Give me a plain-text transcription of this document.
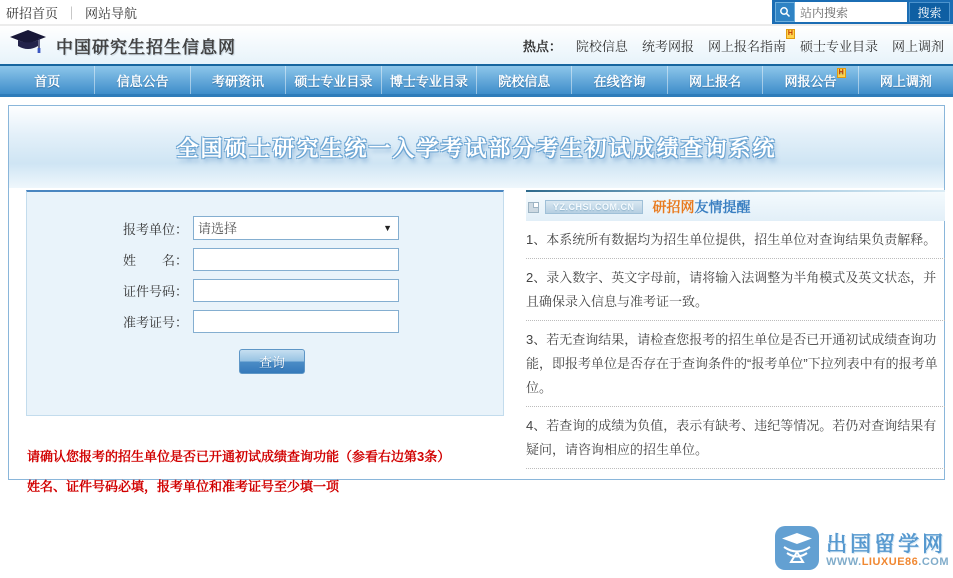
研招首页 ｜ 网站导航
站内搜索	搜索
中国研究生招生信息网	热点： 院校信息 统考网报 网上报名指南
H
硕士专业目录 网上调剂
首页	信息公告	考研资讯 硕士专业目录 博士专业目录 院校信息	在线咨询	网上报名	网报公告
H
网上调剂
全国硕士研究生统一入学考试部分考生初试成绩查询系统
报考单位：
请选择	▼
姓　　名：
证件号码：
准考证号：
查询
请确认您报考的招生单位是否已开通初试成绩查询功能（参看右边第3条）
姓名、证件号码必填，报考单位和准考证号至少填一项
YZ.CHSI.COM.CN	研招网友情提醒
1、本系统所有数据均为招生单位提供，招生单位对查询结果负责解释。
2、录入数字、英文字母前，请将输入法调整为半角模式及英文状态，并且确保录入信息与准考证一致。
3、若无查询结果，请检查您报考的招生单位是否已开通初试成绩查询功能，即报考单位是否存在于查询条件的“报考单位”下拉列表中有的报考单位。
4、若查询的成绩为负值，表示有缺考、违纪等情况。若仍对查询结果有疑问，请咨询相应的招生单位。
出国留学网
WWW.LIUXUE86.COM
